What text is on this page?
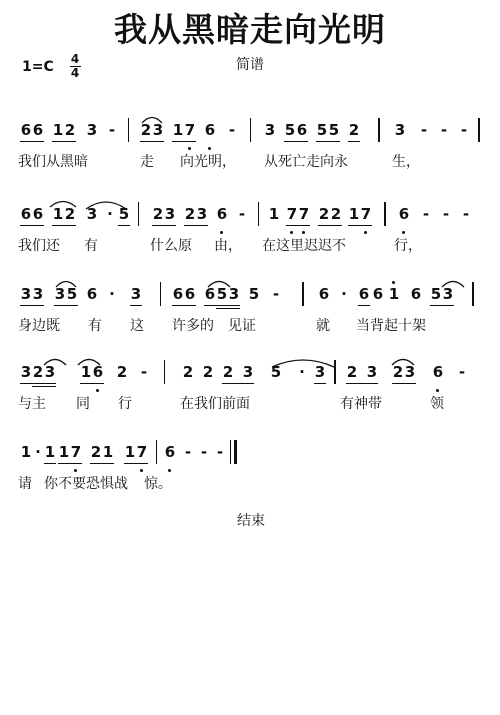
我从黑暗走向光明
1=C 4
4	简谱
6 6 1 2 3 - 2 3 1 7 6 - 3 5 6 5 5 2 3 - - -
我们从黑暗	走 向光明， 从死亡走向永	生，
6 6 1 2 3 · 5 2 3 2 3 6 - 1 7 7 2 2 1 7 6 - - -
我们还 有	什么原 由， 在这里迟迟不	行，
3 3 3 5 6 · 3 6 6 6 5 3 5 -	6 · 6 6 1 6 5 3
身边既 有 这 许多的 见证	就 当背起十架
3 2 3 1 6 2 - 2 2 2 3 5 · 3 2 3 2 3 6 -
与主 同 行	在我们前面	有神带	领
1 · 1 1 7 2 1 1 7 6 - - -
请 你不要恐惧战 惊。
结束
